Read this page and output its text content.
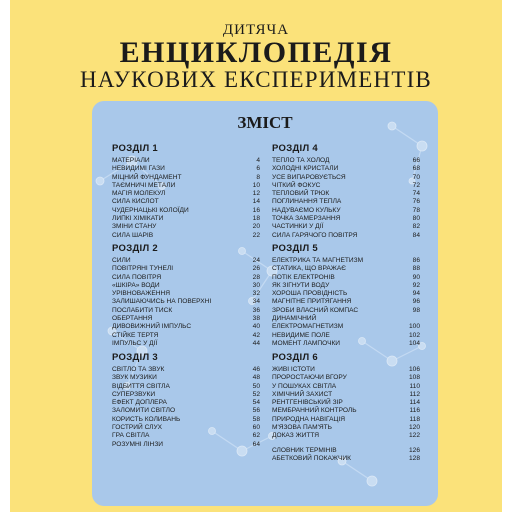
ДИТЯЧА
ЕНЦИКЛОПЕДІЯ
НАУКОВИХ ЕКСПЕРИМЕНТІВ
ЗМІСТ
РОЗДІЛ 1
МАТЕРІАЛИ	4
НЕВИДИМІ ГАЗИ	6
МІЦНИЙ ФУНДАМЕНТ	8
ТАЄМНИЧІ МЕТАЛИ	10
МАГІЯ МОЛЕКУЛ	12
СИЛА КИСЛОТ	14
ЧУДЕРНАЦЬКІ КОЛОЇДИ	16
ЛИПКІ ХІМІКАТИ	18
ЗМІНИ СТАНУ	20
СИЛА ШАРІВ	22
РОЗДІЛ 2
СИЛИ	24
ПОВІТРЯНІ ТУНЕЛІ	26
СИЛА ПОВІТРЯ	28
«ШКІРА» ВОДИ	30
УРІВНОВАЖЕННЯ	32
ЗАЛИШАЮЧИСЬ НА ПОВЕРХНІ	34
ПОСЛАБИТИ ТИСК	36
ОБЕРТАННЯ	38
ДИВОВИЖНИЙ ІМПУЛЬС	40
СТІЙКЕ ТЕРТЯ	42
ІМПУЛЬС У ДІЇ	44
РОЗДІЛ 3
СВІТЛО ТА ЗВУК	46
ЗВУК МУЗИКИ	48
ВІДБИТТЯ СВІТЛА	50
СУПЕРЗВУКИ	52
ЕФЕКТ ДОПЛЕРА	54
ЗАЛОМИТИ СВІТЛО	56
КОРИСТЬ КОЛИВАНЬ	58
ГОСТРИЙ СЛУХ	60
ГРА СВІТЛА	62
РОЗУМНІ ЛІНЗИ	64
РОЗДІЛ 4
ТЕПЛО ТА ХОЛОД	66
ХОЛОДНІ КРИСТАЛИ	68
УСЕ ВИПАРОВУЄТЬСЯ	70
ЧІТКИЙ ФОКУС	72
ТЕПЛОВИЙ ТРЮК	74
ПОГЛИНАННЯ ТЕПЛА	76
НАДУВАЄМО КУЛЬКУ	78
ТОЧКА ЗАМЕРЗАННЯ	80
ЧАСТИНКИ У ДІЇ	82
СИЛА ГАРЯЧОГО ПОВІТРЯ	84
РОЗДІЛ 5
ЕЛЕКТРИКА ТА МАГНЕТИЗМ	86
СТАТИКА, ЩО ВРАЖАЄ	88
ПОТІК ЕЛЕКТРОНІВ	90
ЯК ЗІГНУТИ ВОДУ	92
ХОРОША ПРОВІДНІСТЬ	94
МАГНІТНЕ ПРИТЯГАННЯ	96
ЗРОБИ ВЛАСНИЙ КОМПАС	98
ДИНАМІЧНИЙ
ЕЛЕКТРОМАГНЕТИЗМ	100
НЕВИДИМЕ ПОЛЕ	102
МОМЕНТ ЛАМПОЧКИ	104
РОЗДІЛ 6
ЖИВІ ІСТОТИ	106
ПРОРОСТАЮЧИ ВГОРУ	108
У ПОШУКАХ СВІТЛА	110
ХІМІЧНИЙ ЗАХИСТ	112
РЕНТГЕНІВСЬКИЙ ЗІР	114
МЕМБРАННИЙ КОНТРОЛЬ	116
ПРИРОДНА НАВІГАЦІЯ	118
М'ЯЗОВА ПАМ'ЯТЬ	120
ДОКАЗ ЖИТТЯ	122
СЛОВНИК ТЕРМІНІВ	126
АБЕТКОВИЙ ПОКАЖЧИК	128
